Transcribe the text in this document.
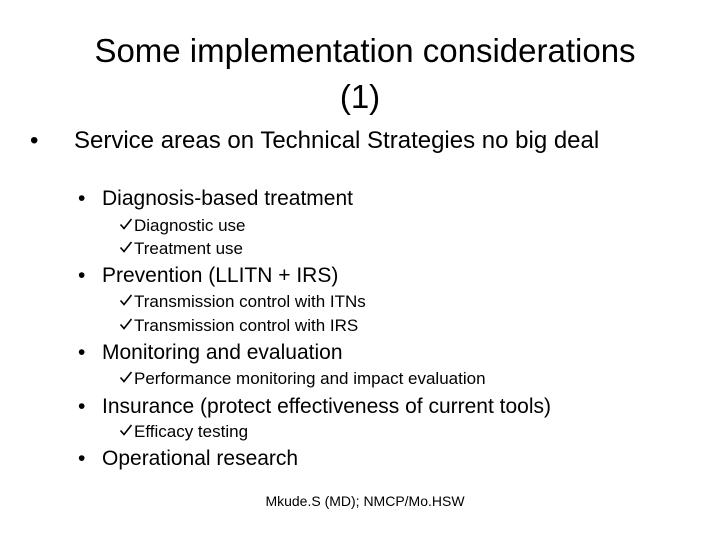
Some implementation considerations
(1)
•	Service areas on Technical Strategies no big deal
• Diagnosis-based treatment
Diagnostic use
Treatment use
• Prevention (LLITN + IRS)
Transmission control with ITNs
Transmission control with IRS
• Monitoring and evaluation
Performance monitoring and impact evaluation
• Insurance (protect effectiveness of current tools)
Efficacy testing
• Operational research
Mkude.S (MD); NMCP/Mo.HSW
